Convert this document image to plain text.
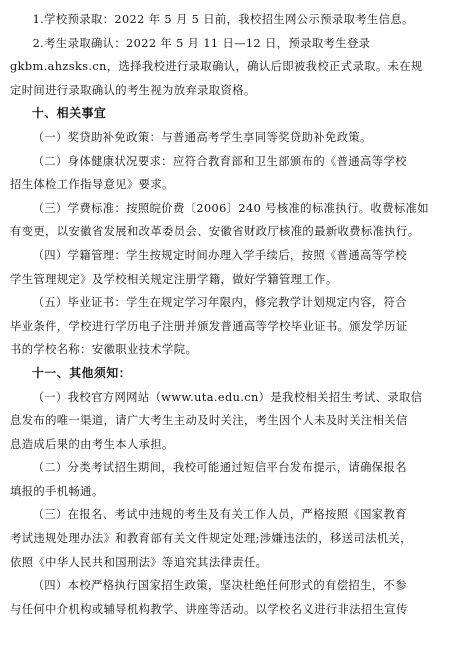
1.学校预录取：2022 年 5 月 5 日前，我校招生网公示预录取考生信息。
2.考生录取确认：2022 年 5 月 11 日—12 日，预录取考生登录
gkbm.ahzsks.cn，选择我校进行录取确认，确认后即被我校正式录取。未在规
定时间进行录取确认的考生视为放弃录取资格。
十、相关事宜
（一）奖贷助补免政策：与普通高考学生享同等奖贷助补免政策。
（二）身体健康状况要求：应符合教育部和卫生部颁布的《普通高等学校
招生体检工作指导意见》要求。
（三）学费标准：按照皖价费〔2006〕240 号核准的标准执行。收费标准如
有变更，以安徽省发展和改革委员会、安徽省财政厅核准的最新收费标准执行。
（四）学籍管理：学生按规定时间办理入学手续后，按照《普通高等学校
学生管理规定》及学校相关规定注册学籍，做好学籍管理工作。
（五）毕业证书：学生在规定学习年限内，修完教学计划规定内容，符合
毕业条件，学校进行学历电子注册并颁发普通高等学校毕业证书。颁发学历证
书的学校名称：安徽职业技术学院。
十一、其他须知：
（一）我校官方网网站（www.uta.edu.cn）是我校相关招生考试、录取信
息发布的唯一渠道，请广大考生主动及时关注，考生因个人未及时关注相关信
息造成后果的由考生本人承担。
（二）分类考试招生期间，我校可能通过短信平台发布提示，请确保报名
填报的手机畅通。
（三）在报名、考试中违规的考生及有关工作人员，严格按照《国家教育
考试违规处理办法》和教育部有关文件规定处理;涉嫌违法的，移送司法机关，
依照《中华人民共和国刑法》等追究其法律责任。
（四）本校严格执行国家招生政策，坚决杜绝任何形式的有偿招生，不参
与任何中介机构或辅导机构教学、讲座等活动。以学校名义进行非法招生宣传
